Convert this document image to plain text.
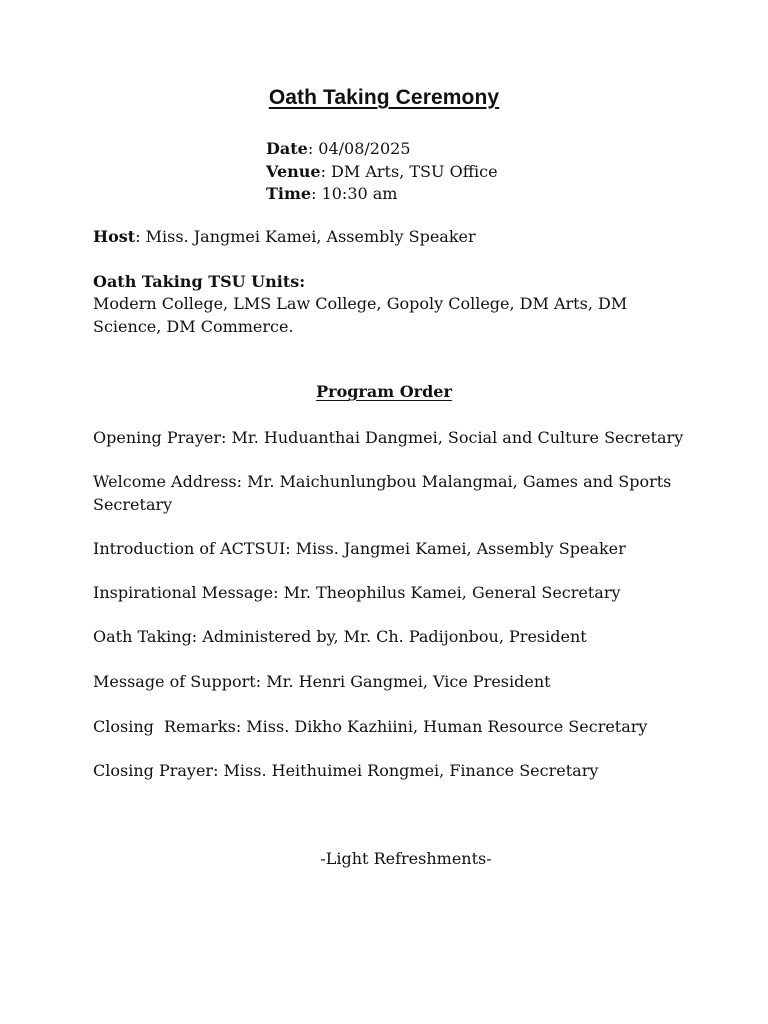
Oath Taking Ceremony
Date: 04/08/2025
Venue: DM Arts, TSU Office
Time: 10:30 am
Host: Miss. Jangmei Kamei, Assembly Speaker
Oath Taking TSU Units:
Modern College, LMS Law College, Gopoly College, DM Arts, DM Science, DM Commerce.
Program Order
Opening Prayer: Mr. Huduanthai Dangmei, Social and Culture Secretary
Welcome Address: Mr. Maichunlungbou Malangmai, Games and Sports Secretary
Introduction of ACTSUI: Miss. Jangmei Kamei, Assembly Speaker
Inspirational Message: Mr. Theophilus Kamei, General Secretary
Oath Taking: Administered by, Mr. Ch. Padijonbou, President
Message of Support: Mr. Henri Gangmei, Vice President
Closing  Remarks: Miss. Dikho Kazhiini, Human Resource Secretary
Closing Prayer: Miss. Heithuimei Rongmei, Finance Secretary
-Light Refreshments-
